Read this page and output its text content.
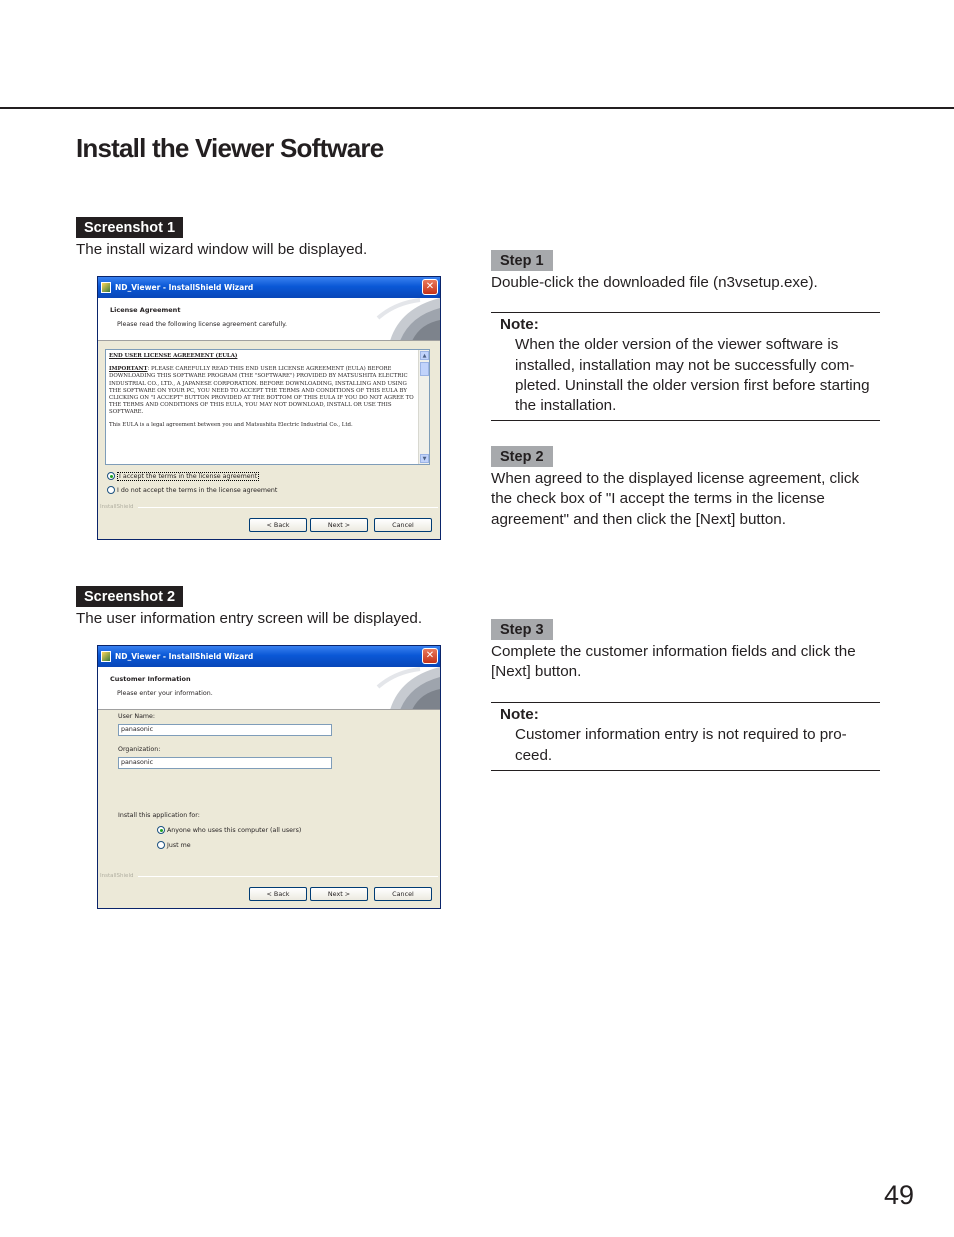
Install the Viewer Software
Screenshot 1
The install wizard window will be displayed.
ND_Viewer - InstallShield Wizard	✕
License Agreement
Please read the following license agreement carefully.
END USER LICENSE AGREEMENT (EULA)
IMPORTANT: PLEASE CAREFULLY READ THIS END USER LICENSE AGREEMENT (EULA) BEFORE DOWNLOADING THIS SOFTWARE PROGRAM (THE "SOFTWARE") PROVIDED BY MATSUSHITA ELECTRIC INDUSTRIAL CO., LTD., A JAPANESE CORPORATION. BEFORE DOWNLOADING, INSTALLING AND USING THE SOFTWARE ON YOUR PC, YOU NEED TO ACCEPT THE TERMS AND CONDITIONS OF THIS EULA BY CLICKING ON "I ACCEPT" BUTTON PROVIDED AT THE BOTTOM OF THIS EULA IF YOU DO NOT AGREE TO THE TERMS AND CONDITIONS OF THIS EULA, YOU MAY NOT DOWNLOAD, INSTALL OR USE THIS SOFTWARE.
This EULA is a legal agreement between you and Matsushita Electric Industrial Co., Ltd.
▲
▼
I accept the terms in the license agreement
I do not accept the terms in the license agreement
InstallShield
< Back	Next >	Cancel
Screenshot 2
The user information entry screen will be displayed.
ND_Viewer - InstallShield Wizard	✕
Customer Information
Please enter your information.
User Name:
panasonic
Organization:
panasonic
Install this application for:
Anyone who uses this computer (all users)
Just me
InstallShield
< Back	Next >	Cancel
Step 1
Double-click the downloaded file (n3vsetup.exe).
Note:
When the older version of the viewer software is
installed, installation may not be successfully com-
pleted. Uninstall the older version first before starting
the installation.
Step 2
When agreed to the displayed license agreement, click
the check box of "I accept the terms in the license
agreement" and then click the [Next] button.
Step 3
Complete the customer information fields and click the
[Next] button.
Note:
Customer information entry is not required to pro-
ceed.
49
